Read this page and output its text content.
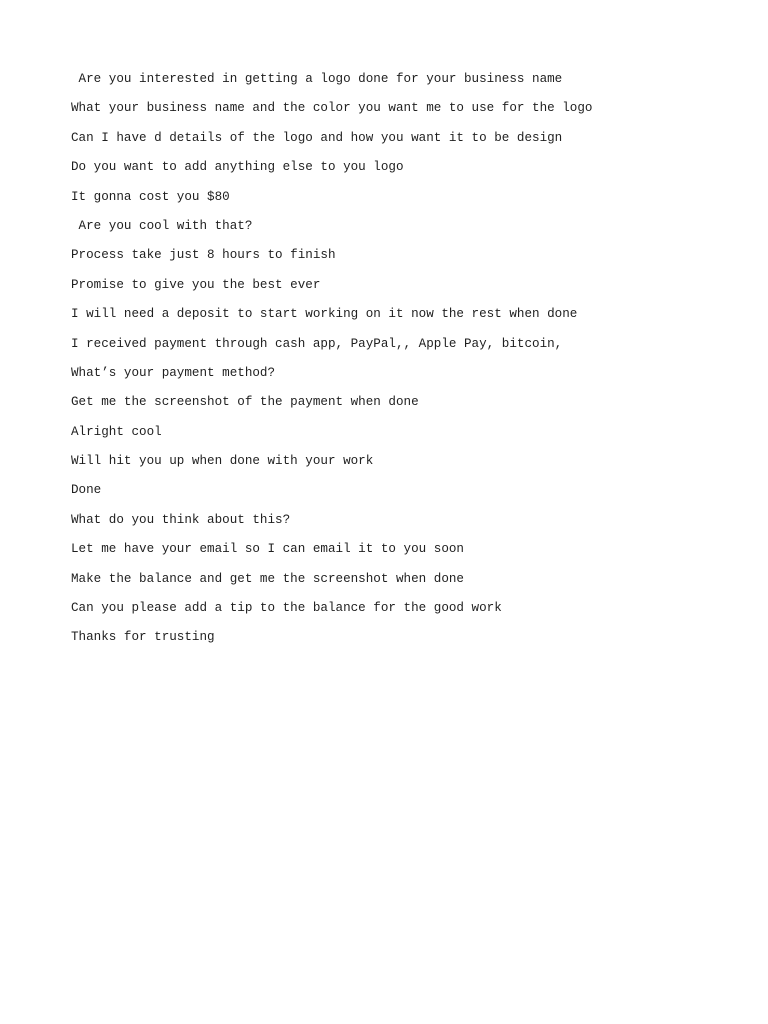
Are you interested in getting a logo done for your business name
What your business name and the color you want me to use for the logo
Can I have d details of the logo and how you want it to be design
Do you want to add anything else to you logo
It gonna cost you $80
Are you cool with that?
Process take just 8 hours to finish
Promise to give you the best ever
I will need a deposit to start working on it now the rest when done
I received payment through cash app, PayPal,, Apple Pay, bitcoin,
What’s your payment method?
Get me the screenshot of the payment when done
Alright cool
Will hit you up when done with your work
Done
What do you think about this?
Let me have your email so I can email it to you soon
Make the balance and get me the screenshot when done
Can you please add a tip to the balance for the good work
Thanks for trusting
